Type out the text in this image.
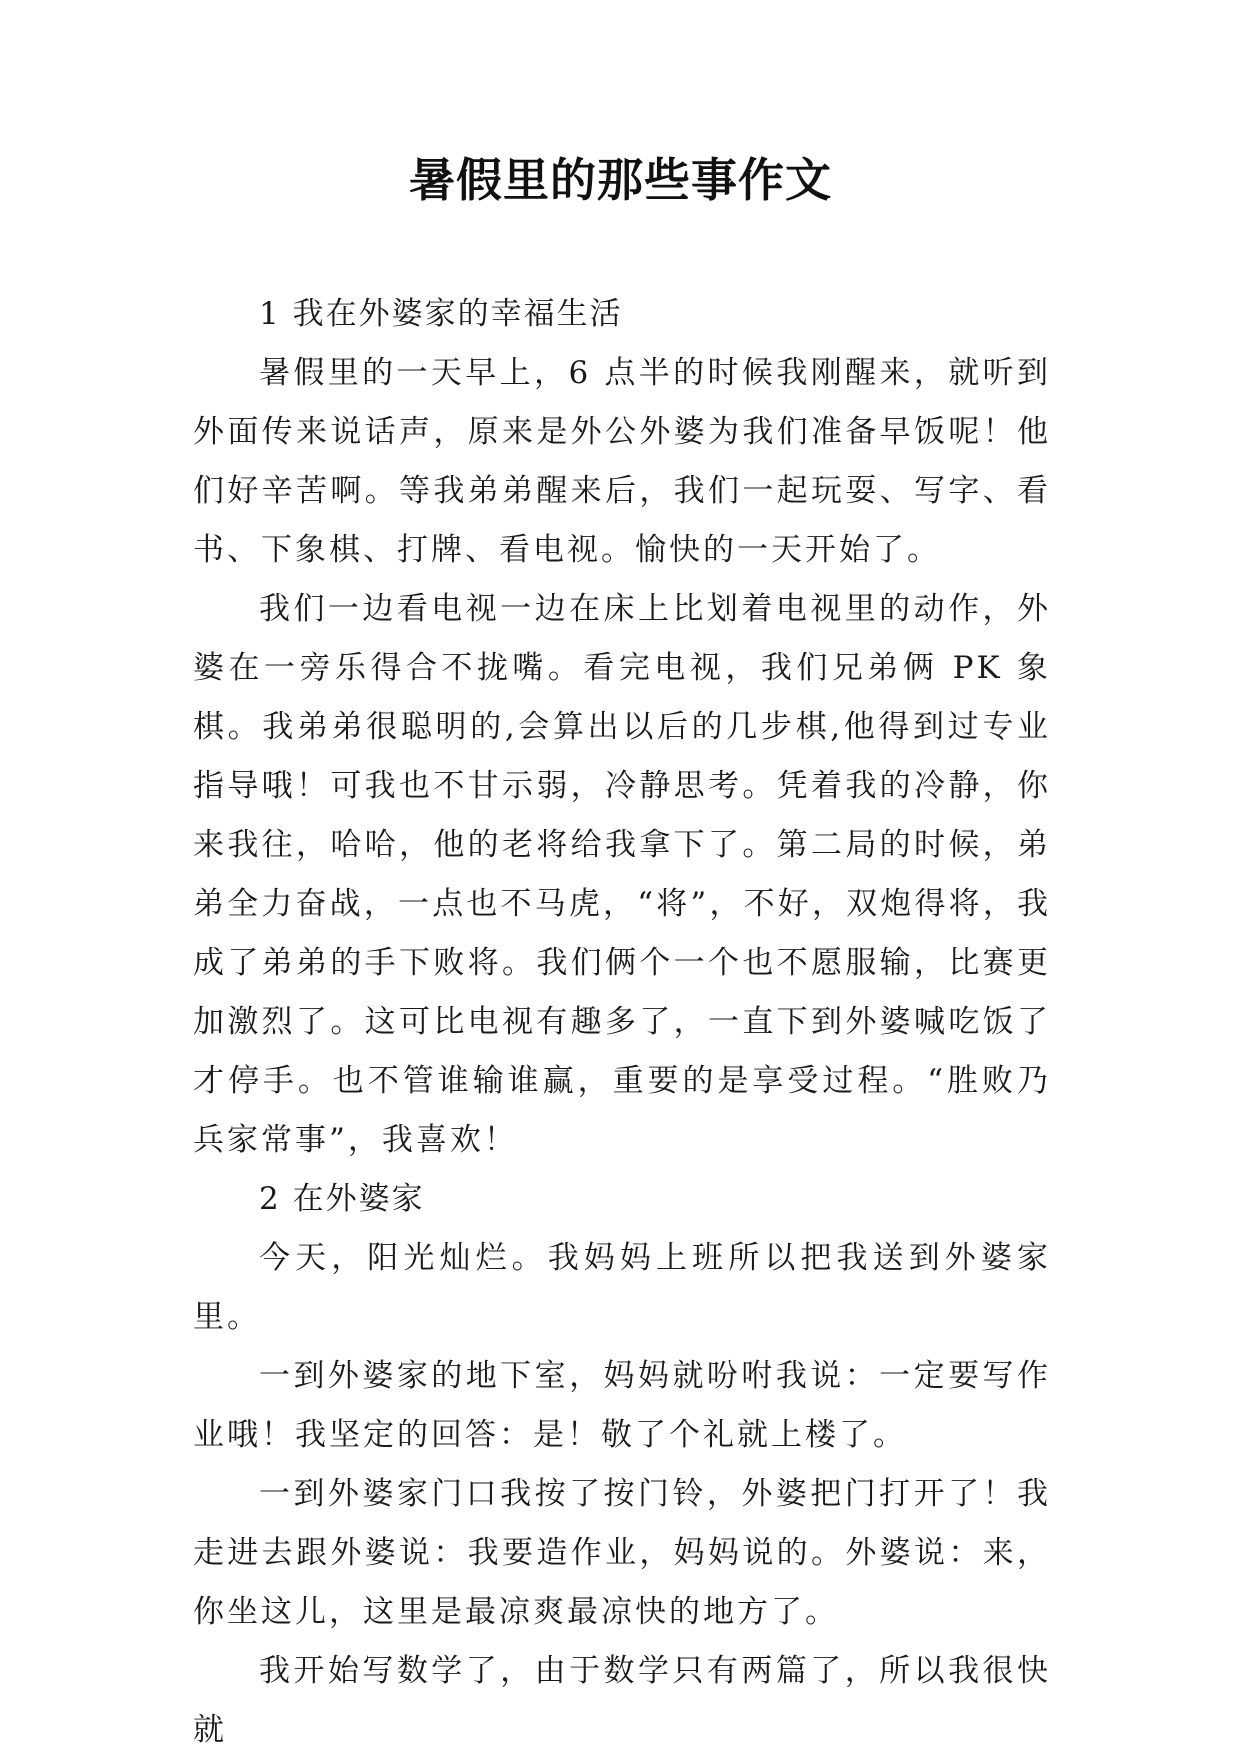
暑假里的那些事作文

1 我在外婆家的幸福生活

暑假里的一天早上，6 点半的时候我刚醒来，就听到外面传来说话声，原来是外公外婆为我们准备早饭呢！他们好辛苦啊。等我弟弟醒来后，我们一起玩耍、写字、看书、下象棋、打牌、看电视。愉快的一天开始了。

我们一边看电视一边在床上比划着电视里的动作，外婆在一旁乐得合不拢嘴。看完电视，我们兄弟俩 PK 象棋。我弟弟很聪明的,会算出以后的几步棋,他得到过专业指导哦！可我也不甘示弱，冷静思考。凭着我的冷静，你来我往，哈哈，他的老将给我拿下了。第二局的时候，弟弟全力奋战，一点也不马虎，“将”，不好，双炮得将，我成了弟弟的手下败将。我们俩个一个也不愿服输，比赛更加激烈了。这可比电视有趣多了，一直下到外婆喊吃饭了才停手。也不管谁输谁赢，重要的是享受过程。“胜败乃兵家常事”，我喜欢！

2 在外婆家

今天，阳光灿烂。我妈妈上班所以把我送到外婆家里。

一到外婆家的地下室，妈妈就吩咐我说：一定要写作业哦！我坚定的回答：是！敬了个礼就上楼了。

一到外婆家门口我按了按门铃，外婆把门打开了！我走进去跟外婆说：我要造作业，妈妈说的。外婆说：来，你坐这儿，这里是最凉爽最凉快的地方了。

我开始写数学了，由于数学只有两篇了，所以我很快就
